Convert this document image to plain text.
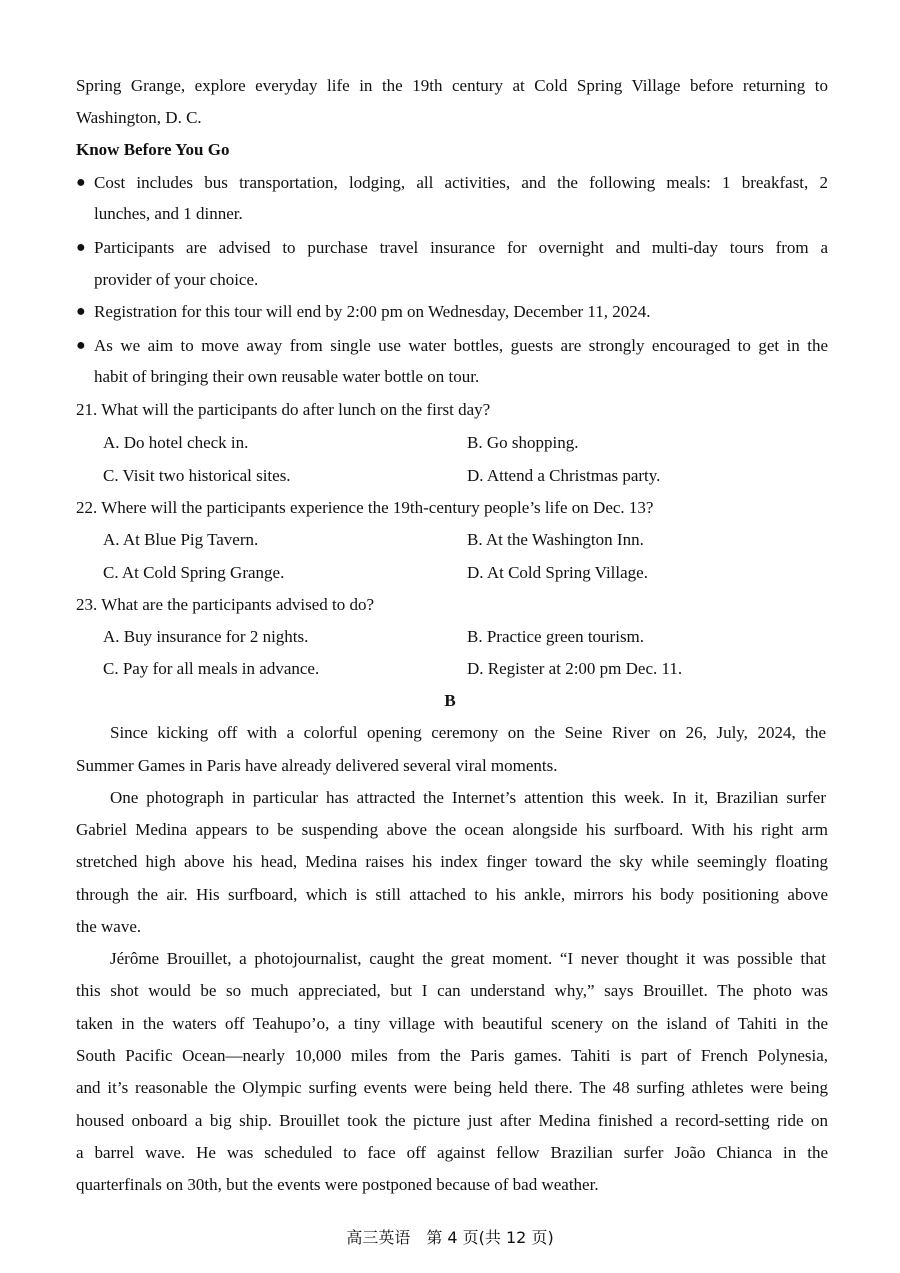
Spring Grange, explore everyday life in the 19th century at Cold Spring Village before returning to
Washington, D. C.
Know Before You Go
● Cost includes bus transportation, lodging, all activities, and the following meals: 1 breakfast, 2
lunches, and 1 dinner.
● Participants are advised to purchase travel insurance for overnight and multi-day tours from a
provider of your choice.
● Registration for this tour will end by 2:00 pm on Wednesday, December 11, 2024.
● As we aim to move away from single use water bottles, guests are strongly encouraged to get in the
habit of bringing their own reusable water bottle on tour.
21. What will the participants do after lunch on the first day?
A. Do hotel check in.	B. Go shopping.
C. Visit two historical sites.	D. Attend a Christmas party.
22. Where will the participants experience the 19th-century people’s life on Dec. 13?
A. At Blue Pig Tavern.	B. At the Washington Inn.
C. At Cold Spring Grange.	D. At Cold Spring Village.
23. What are the participants advised to do?
A. Buy insurance for 2 nights.	B. Practice green tourism.
C. Pay for all meals in advance.	D. Register at 2:00 pm Dec. 11.
B
Since kicking off with a colorful opening ceremony on the Seine River on 26, July, 2024, the
Summer Games in Paris have already delivered several viral moments.
One photograph in particular has attracted the Internet’s attention this week. In it, Brazilian surfer
Gabriel Medina appears to be suspending above the ocean alongside his surfboard. With his right arm
stretched high above his head, Medina raises his index finger toward the sky while seemingly floating
through the air. His surfboard, which is still attached to his ankle, mirrors his body positioning above
the wave.
Jérôme Brouillet, a photojournalist, caught the great moment. “I never thought it was possible that
this shot would be so much appreciated, but I can understand why,” says Brouillet. The photo was
taken in the waters off Teahupo’o, a tiny village with beautiful scenery on the island of Tahiti in the
South Pacific Ocean—nearly 10,000 miles from the Paris games. Tahiti is part of French Polynesia,
and it’s reasonable the Olympic surfing events were being held there. The 48 surfing athletes were being
housed onboard a big ship. Brouillet took the picture just after Medina finished a record-setting ride on
a barrel wave. He was scheduled to face off against fellow Brazilian surfer João Chianca in the
quarterfinals on 30th, but the events were postponed because of bad weather.
高三英语　第 4 页(共 12 页)
